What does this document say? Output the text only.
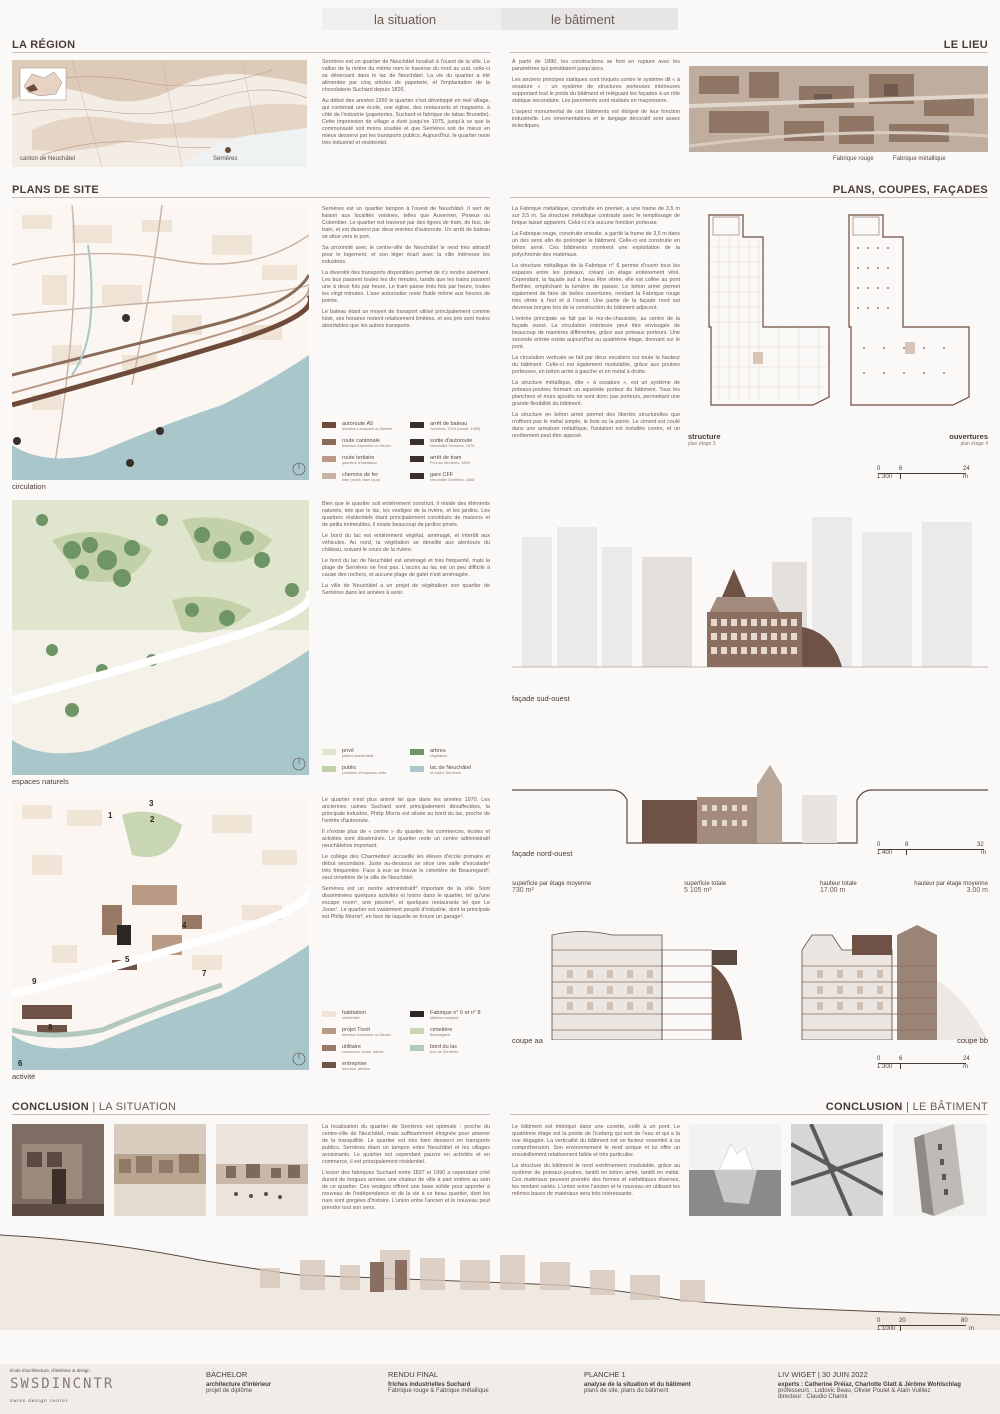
la situation	le bâtiment
LA RÉGION
canton de Neuchâtel	Serrières

Serrières est un quartier de Neuchâtel localisé à l'ouest de la ville. Le vallon de la rivière du même nom le traverse du nord au sud, celle-ci se déversant dans le lac de Neuchâtel. La vie du quartier a été alimentée par cinq siècles de papeterie, et l'implantation de la chocolaterie Suchard depuis 1826.

Au début des années 1950 le quartier s'est développé en réel village, qui contenait une école, une église, des restaurants et magasins, à côté de l'industrie (papeteries, Suchard et fabrique de tabac Brunette). Cette impression de village a duré jusqu'en 1975, jusqu'à ce que la communauté soit moins soudée et que Serrières soit de mieux en mieux desservi par les transports publics. Aujourd'hui, le quartier reste très industriel et résidentiel.

LE LIEU

À partir de 1890, les constructions se font en rupture avec les paramètres qui présidaient jusqu'alors.

Les anciens principes statiques sont troqués contre le système dit « à ossature » : un système de structures porteuses intérieures supportant tout le poids du bâtiment et reléguant les façades à un rôle statique secondaire. Les parements sont réalisés en maçonnerie.

L'aspect monumental de ces bâtiments est éloigné de leur fonction industrielle. Les ornementations et le langage décoratif sont assez éclectiques.

Fabrique rouge	Fabrique métallique
PLANS DE SITE
circulation

Serrières est un quartier tampon à l'ouest de Neuchâtel. Il sert de liaison aux localités voisines, telles que Auvernier, Peseux ou Colombier. Le quartier est traversé par des lignes de tram, de bus, de train, et est desservi par deux entrées d'autoroute. Un arrêt de bateau se situe vers le port.

Sa proximité avec le centre-ville de Neuchâtel le rend très attractif pour le logement, et son léger écart avec la ville intéresse les industries.

La diversité des transports disponibles permet de s'y rendre aisément. Les bus passent toutes les dix minutes, tandis que les trains passent une à deux fois par heure. Le tram passe trois fois par heure, toutes les vingt minutes. L'axe autoroutier reste fluide même aux heures de pointe.

Le bateau étant un moyen de transport utilisé principalement comme loisir, ses horaires restent relativement limitées, et ses prix sont moins abordables que les autres transports.

autoroute A5
direction Lausanne ou Bienne
arrêt de bateau
Serrières, 2019 (constr. 1980)
route cantonale
direction Auvernier ou Neuch.
sortie d'autoroute
Neuchâtel-Serrières, 1975
route tertiaire
quartiers d'habitation
arrêt de tram
Port-de-Serrières, 1899
chemins de fer
train (nord), tram (sud)
gare CFF
Neuchâtel Serrières, 1858
espaces naturels

Bien que le quartier soit entièrement construit, il réside des éléments naturels, tels que le lac, les vestiges de la rivière, et les jardins. Les quartiers résidentiels étant principalement constitués de maisons et de petits immeubles, il existe beaucoup de jardins privés.

Le bord du lac est entièrement végétal, aménagé, et interdit aux véhicules. Au nord, la végétation se densifie aux alentours du château, suivant le cours de la rivière.

Le bord du lac de Neuchâtel est aménagé et très fréquenté, mais la plage de Serrières ne l'est pas. L'accès au lac est un peu difficile à cause des rochers, et aucune plage de galet n'est aménagée.

La ville de Neuchâtel a un projet de végétaliser son quartier de Serrières dans les années à venir.

privé
jardins résidentiels
arbres
végétation
public
cimetière et espaces verts
lac de Neuchâtel
et rivière Serrières
1	2
3
4
5
6
7
8
9
activité

Le quartier n'est plus animé tel que dans les années 1970. Les anciennes usines Suchard sont principalement désaffectées, la principale industrie, Philip Morris est située au bord du lac, proche de l'entrée d'autoroute.

Il n'existe plus de « centre » du quartier, les commerces, écoles et activités sont disséminés. Le quartier reste un centre administratif neuchâtelois important.

Le collège des Charmettes¹ accueille les élèves d'école primaire et début secondaire. Juste au-dessous se situe une salle d'escalade² très fréquentée. Face à eux se trouve le cimetière de Beauregard³, seul cimetière de la ville de Neuchâtel.

Serrières est un centre administratif⁴ important de la ville. Sont disséminées quelques activités et loisirs dans le quartier, tel qu'une escape room⁵, une piscine⁶, et quelques restaurants tel que Le Joran⁷. Le quartier est vastement peuplé d'industrie, dont la principale est Philip Morris⁸, en face de laquelle se trouve un garage⁹.

habitation
résidentiel
Fabrique n° 6 et n° 8
bâtiment analysé
projet Tivoli
direction Auvernier ou Neuch.
cimetière
Beauregard
utilitaire
commerce, école, admin.
bord du lac
port de Serrières
entreprise
bureaux, ateliers
PLANS, COUPES, FAÇADES

La Fabrique métallique, construite en premier, a une trame de 3,5 m sur 3,5 m. Sa structure métallique contraste avec le remplissage de brique laissé apparent. Celui-ci n'a aucune fonction porteuse.

La Fabrique rouge, construite ensuite, a gardé la trame de 3,5 m dans un des sens afin de prolonger le bâtiment. Celle-ci est construite en béton armé. Ces bâtiments montrent une exploitation de la polychromie des matériaux.

La structure métallique de la Fabrique n° 6 permet d'ouvrir tous les espaces entre les poteaux, créant un étage entièrement vitré. Cependant, la façade sud a beau être vitrée, elle est collée au pont Berthier, empêchant la lumière de passer. Le béton armé permet également de faire de belles ouvertures, rendant la Fabrique rouge très vitrée à l'est et à l'ouest. Une partie de la façade nord est devenue borgne lors de la construction du bâtiment adjacent.

L'entrée principale se fait par le rez-de-chaussée, au centre de la façade ouest. La circulation intérieure peut être envisagée de beaucoup de manières différentes, grâce aux poteaux porteurs. Une seconde entrée existe aujourd'hui au quatrième étage, donnant sur le pont.

La circulation verticale se fait par deux escaliers sur toute la hauteur du bâtiment. Celle-ci est également modulable, grâce aux poutres porteuses, en béton armé à gauche et en métal à droite.

La structure métallique, dite « à ossature », est un système de poteaux-poutres formant un squelette porteur du bâtiment. Tous les planchers et murs ajoutés ne sont donc pas porteurs, permettant une grande flexibilité du bâtiment.

La structure en béton armé permet des libertés structurelles que n'offrent pas le métal simple, le bois ou la pierre. Le ciment est coulé dans une armature métallique, l'isolation est installée contre, et un revêtement peut être apposé.	structure
plan étage 3
ouvertures
plan étage 4
0	6	24
1:300	m
façade sud-ouest
façade nord-ouest
0	8	32
1:400	m
superficie par étage moyenne
730 m²
superficie totale
5 105 m²
hauteur totale
17.00 m
hauteur par étage moyenne
3.00 m
coupe aa	coupe bb
0	6	24
1:300	m
CONCLUSION | LA SITUATION	CONCLUSION | LE BÂTIMENT

La localisation du quartier de Serrières est optimale : proche du centre-ville de Neuchâtel, mais suffisamment éloignée pour amener de la tranquillité. Le quartier est très bien desservi en transports publics. Serrières étant un tampon entre Neuchâtel et les villages avoisinants. Le quartier est cependant pauvre en activités et en commerce, il est principalement résidentiel.

L'essor des fabriques Suchard entre 1837 et 1990 a cependant créé durant de longues années une chaleur de ville à part entière au sein de ce quartier. Ces vestiges offrent une base solide pour apporter à nouveau de l'indépendance et de la vie à ce beau quartier, dont les rues sont gorgées d'histoire. L'union entre l'ancien et le nouveau peut prendre tout son sens.

Le bâtiment est imbriqué dans une cuvette, collé à un pont. Le quatrième étage est la pointe de l'iceberg qui sort de l'eau et qui a la vue dégagée. La verticalité du bâtiment est un facteur essentiel à sa compréhension. Son environnement le rend unique et lui offre un ensoleillement relativement faible et très particulier.

La structure du bâtiment le rend extrêmement modulable, grâce au système de poteaux-poutres, tantôt en béton armé, tantôt en métal. Ces matériaux peuvent prendre des formes et esthétiques diverses, les rendant variés. L'union entre l'ancien et le nouveau en utilisant les mêmes bases de matériaux sera très intéressante.

0	20	80
1:1000	m
école d'architecture, d'intérieur & design
SWSDINCNTR
swiss design center
BACHELOR
architecture d'intérieur
projet de diplôme
RENDU FINAL
friches industrielles Suchard
Fabrique rouge & Fabrique métallique
PLANCHE 1
analyse de la situation et du bâtiment
plans de site, plans du bâtiment
LIV WIGET | 30 JUIN 2022
experts : Catherine Préiaz, Charlotte Glatt & Jérôme Wohlschlag
professeurs : Ludovic Beau, Olivier Poulet & Alain Vuilliez
directeur : Claudio Charini
